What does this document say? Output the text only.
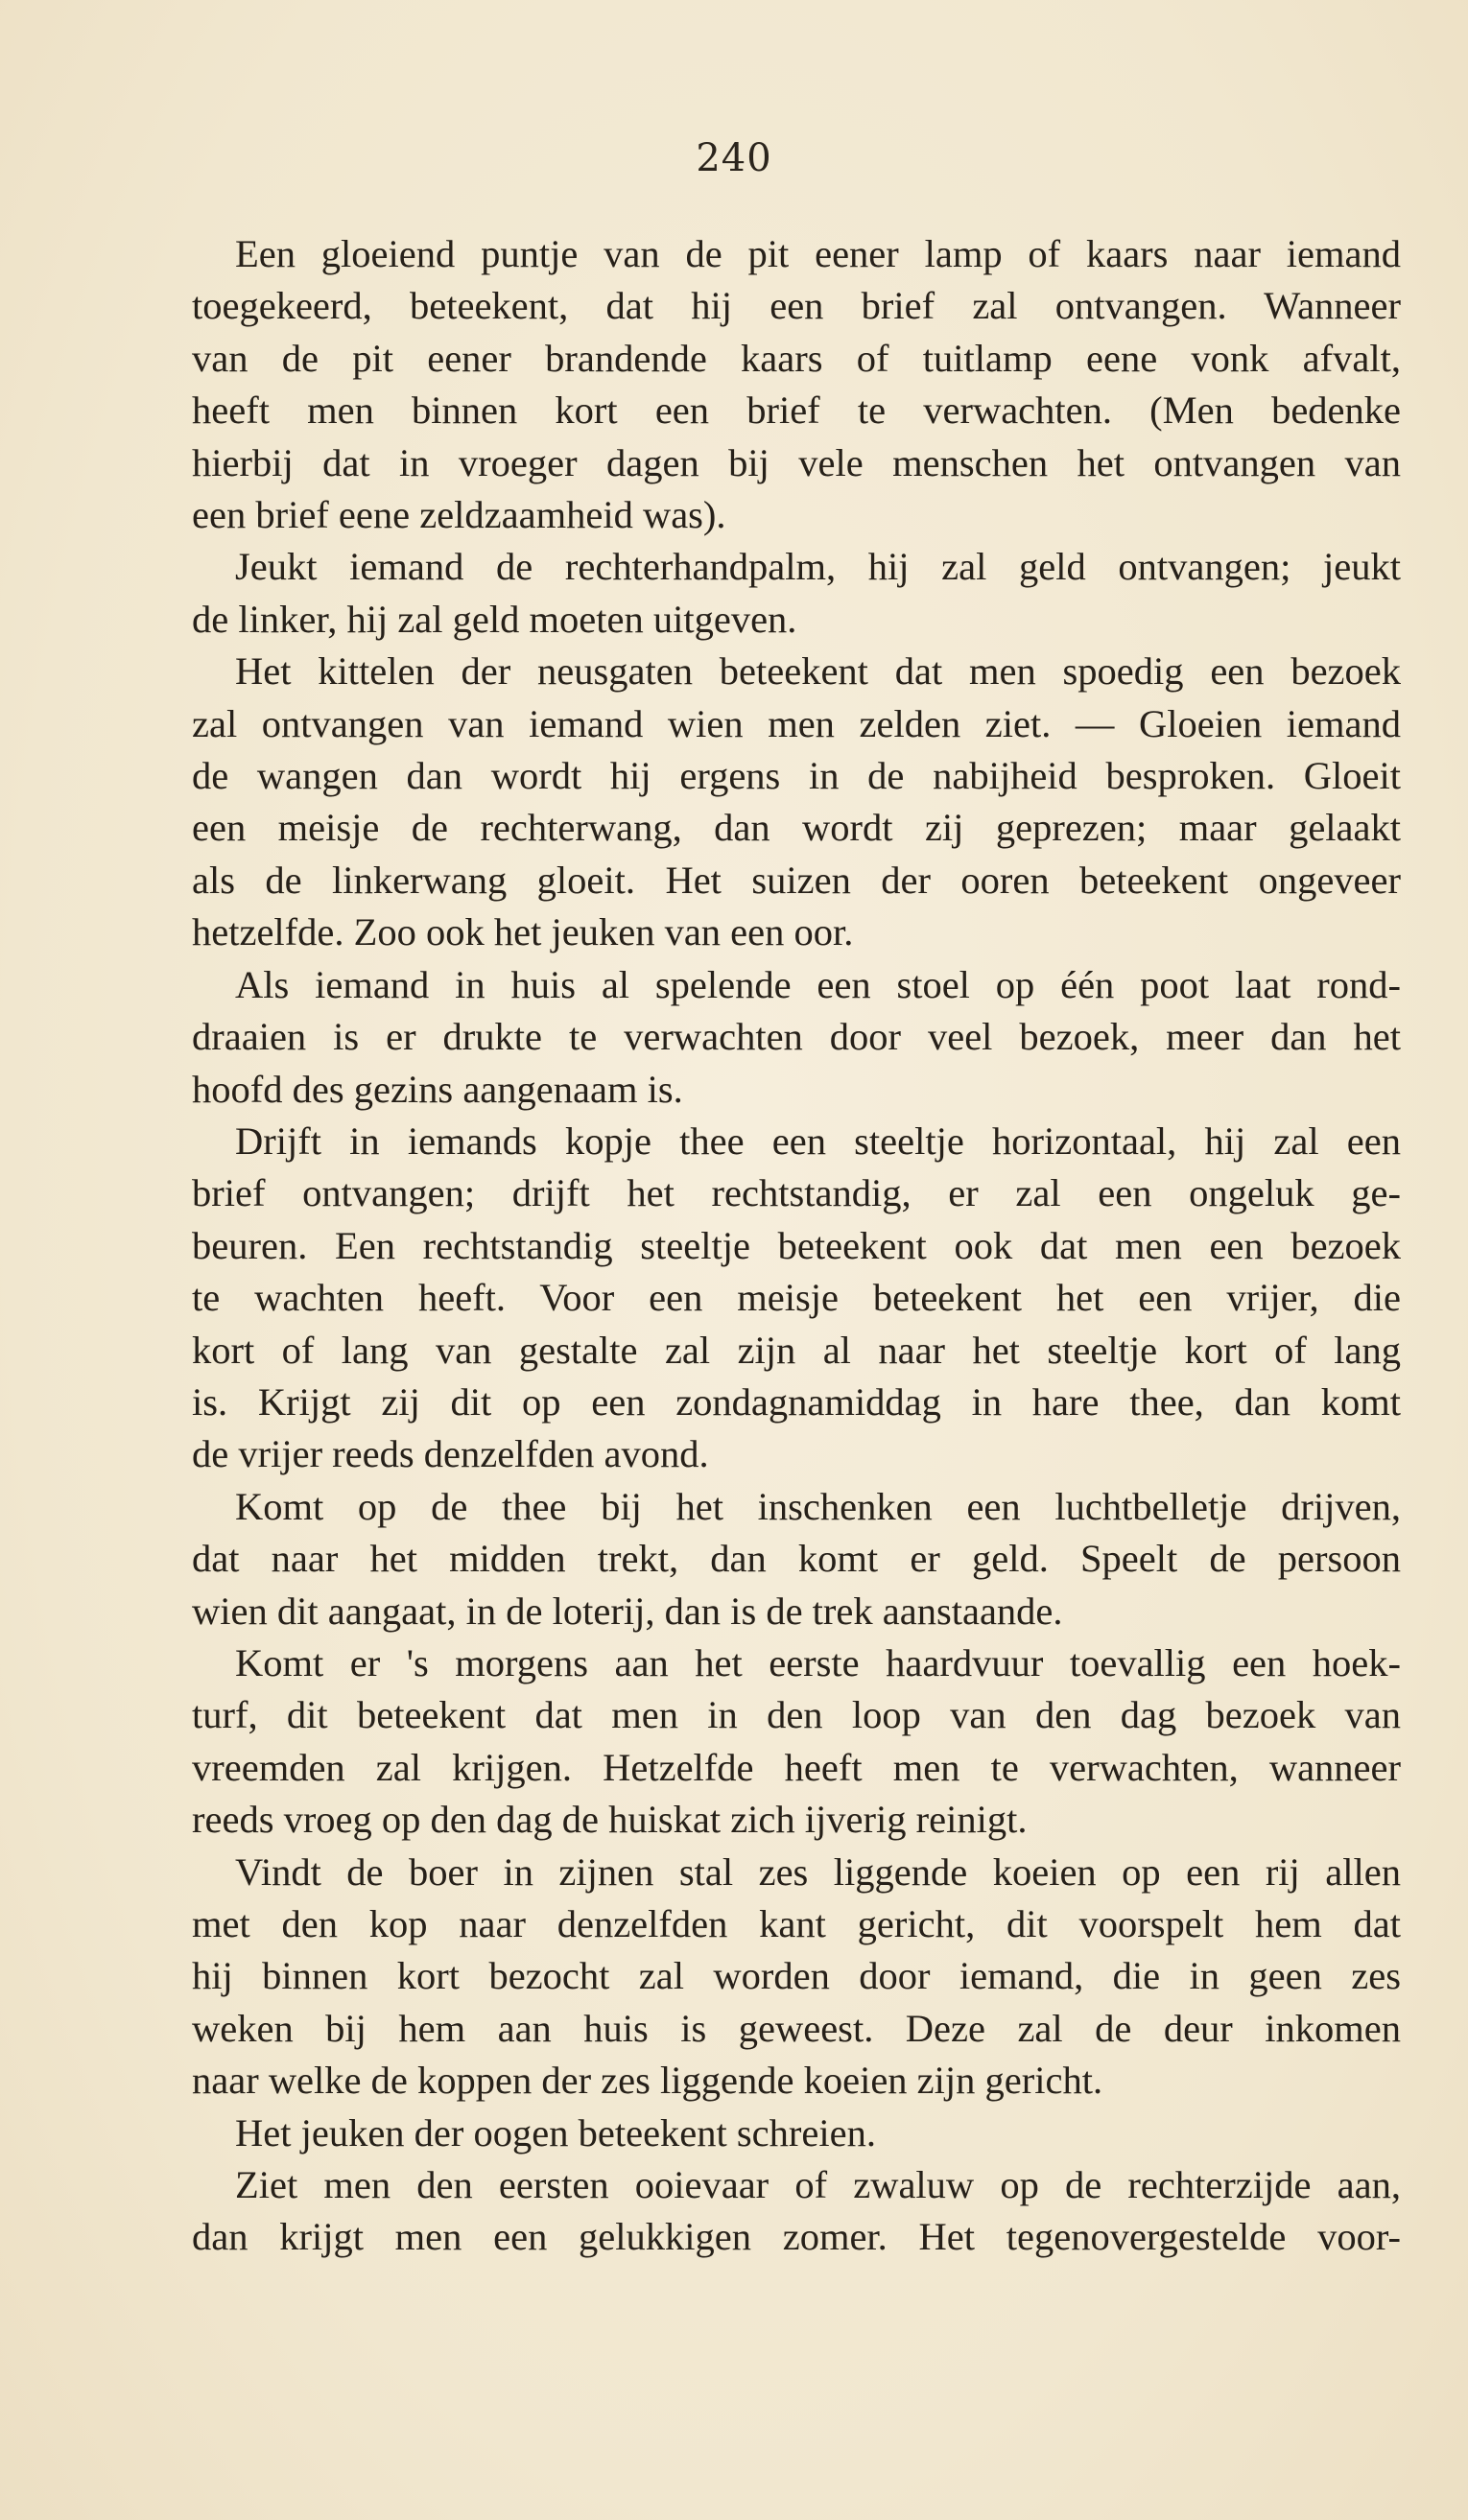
240
Een gloeiend puntje van de pit eener lamp of kaars naar iemand
toegekeerd, beteekent, dat hij een brief zal ontvangen. Wanneer
van de pit eener brandende kaars of tuitlamp eene vonk afvalt,
heeft men binnen kort een brief te verwachten. (Men bedenke
hierbij dat in vroeger dagen bij vele menschen het ontvangen van
een brief eene zeldzaamheid was).
Jeukt iemand de rechterhandpalm, hij zal geld ontvangen; jeukt
de linker, hij zal geld moeten uitgeven.
Het kittelen der neusgaten beteekent dat men spoedig een bezoek
zal ontvangen van iemand wien men zelden ziet. — Gloeien iemand
de wangen dan wordt hij ergens in de nabijheid besproken. Gloeit
een meisje de rechterwang, dan wordt zij geprezen; maar gelaakt
als de linkerwang gloeit. Het suizen der ooren beteekent ongeveer
hetzelfde. Zoo ook het jeuken van een oor.
Als iemand in huis al spelende een stoel op één poot laat rond-
draaien is er drukte te verwachten door veel bezoek, meer dan het
hoofd des gezins aangenaam is.
Drijft in iemands kopje thee een steeltje horizontaal, hij zal een
brief ontvangen; drijft het rechtstandig, er zal een ongeluk ge-
beuren. Een rechtstandig steeltje beteekent ook dat men een bezoek
te wachten heeft. Voor een meisje beteekent het een vrijer, die
kort of lang van gestalte zal zijn al naar het steeltje kort of lang
is. Krijgt zij dit op een zondagnamiddag in hare thee, dan komt
de vrijer reeds denzelfden avond.
Komt op de thee bij het inschenken een luchtbelletje drijven,
dat naar het midden trekt, dan komt er geld. Speelt de persoon
wien dit aangaat, in de loterij, dan is de trek aanstaande.
Komt er 's morgens aan het eerste haardvuur toevallig een hoek-
turf, dit beteekent dat men in den loop van den dag bezoek van
vreemden zal krijgen. Hetzelfde heeft men te verwachten, wanneer
reeds vroeg op den dag de huiskat zich ijverig reinigt.
Vindt de boer in zijnen stal zes liggende koeien op een rij allen
met den kop naar denzelfden kant gericht, dit voorspelt hem dat
hij binnen kort bezocht zal worden door iemand, die in geen zes
weken bij hem aan huis is geweest. Deze zal de deur inkomen
naar welke de koppen der zes liggende koeien zijn gericht.
Het jeuken der oogen beteekent schreien.
Ziet men den eersten ooievaar of zwaluw op de rechterzijde aan,
dan krijgt men een gelukkigen zomer. Het tegenovergestelde voor-
